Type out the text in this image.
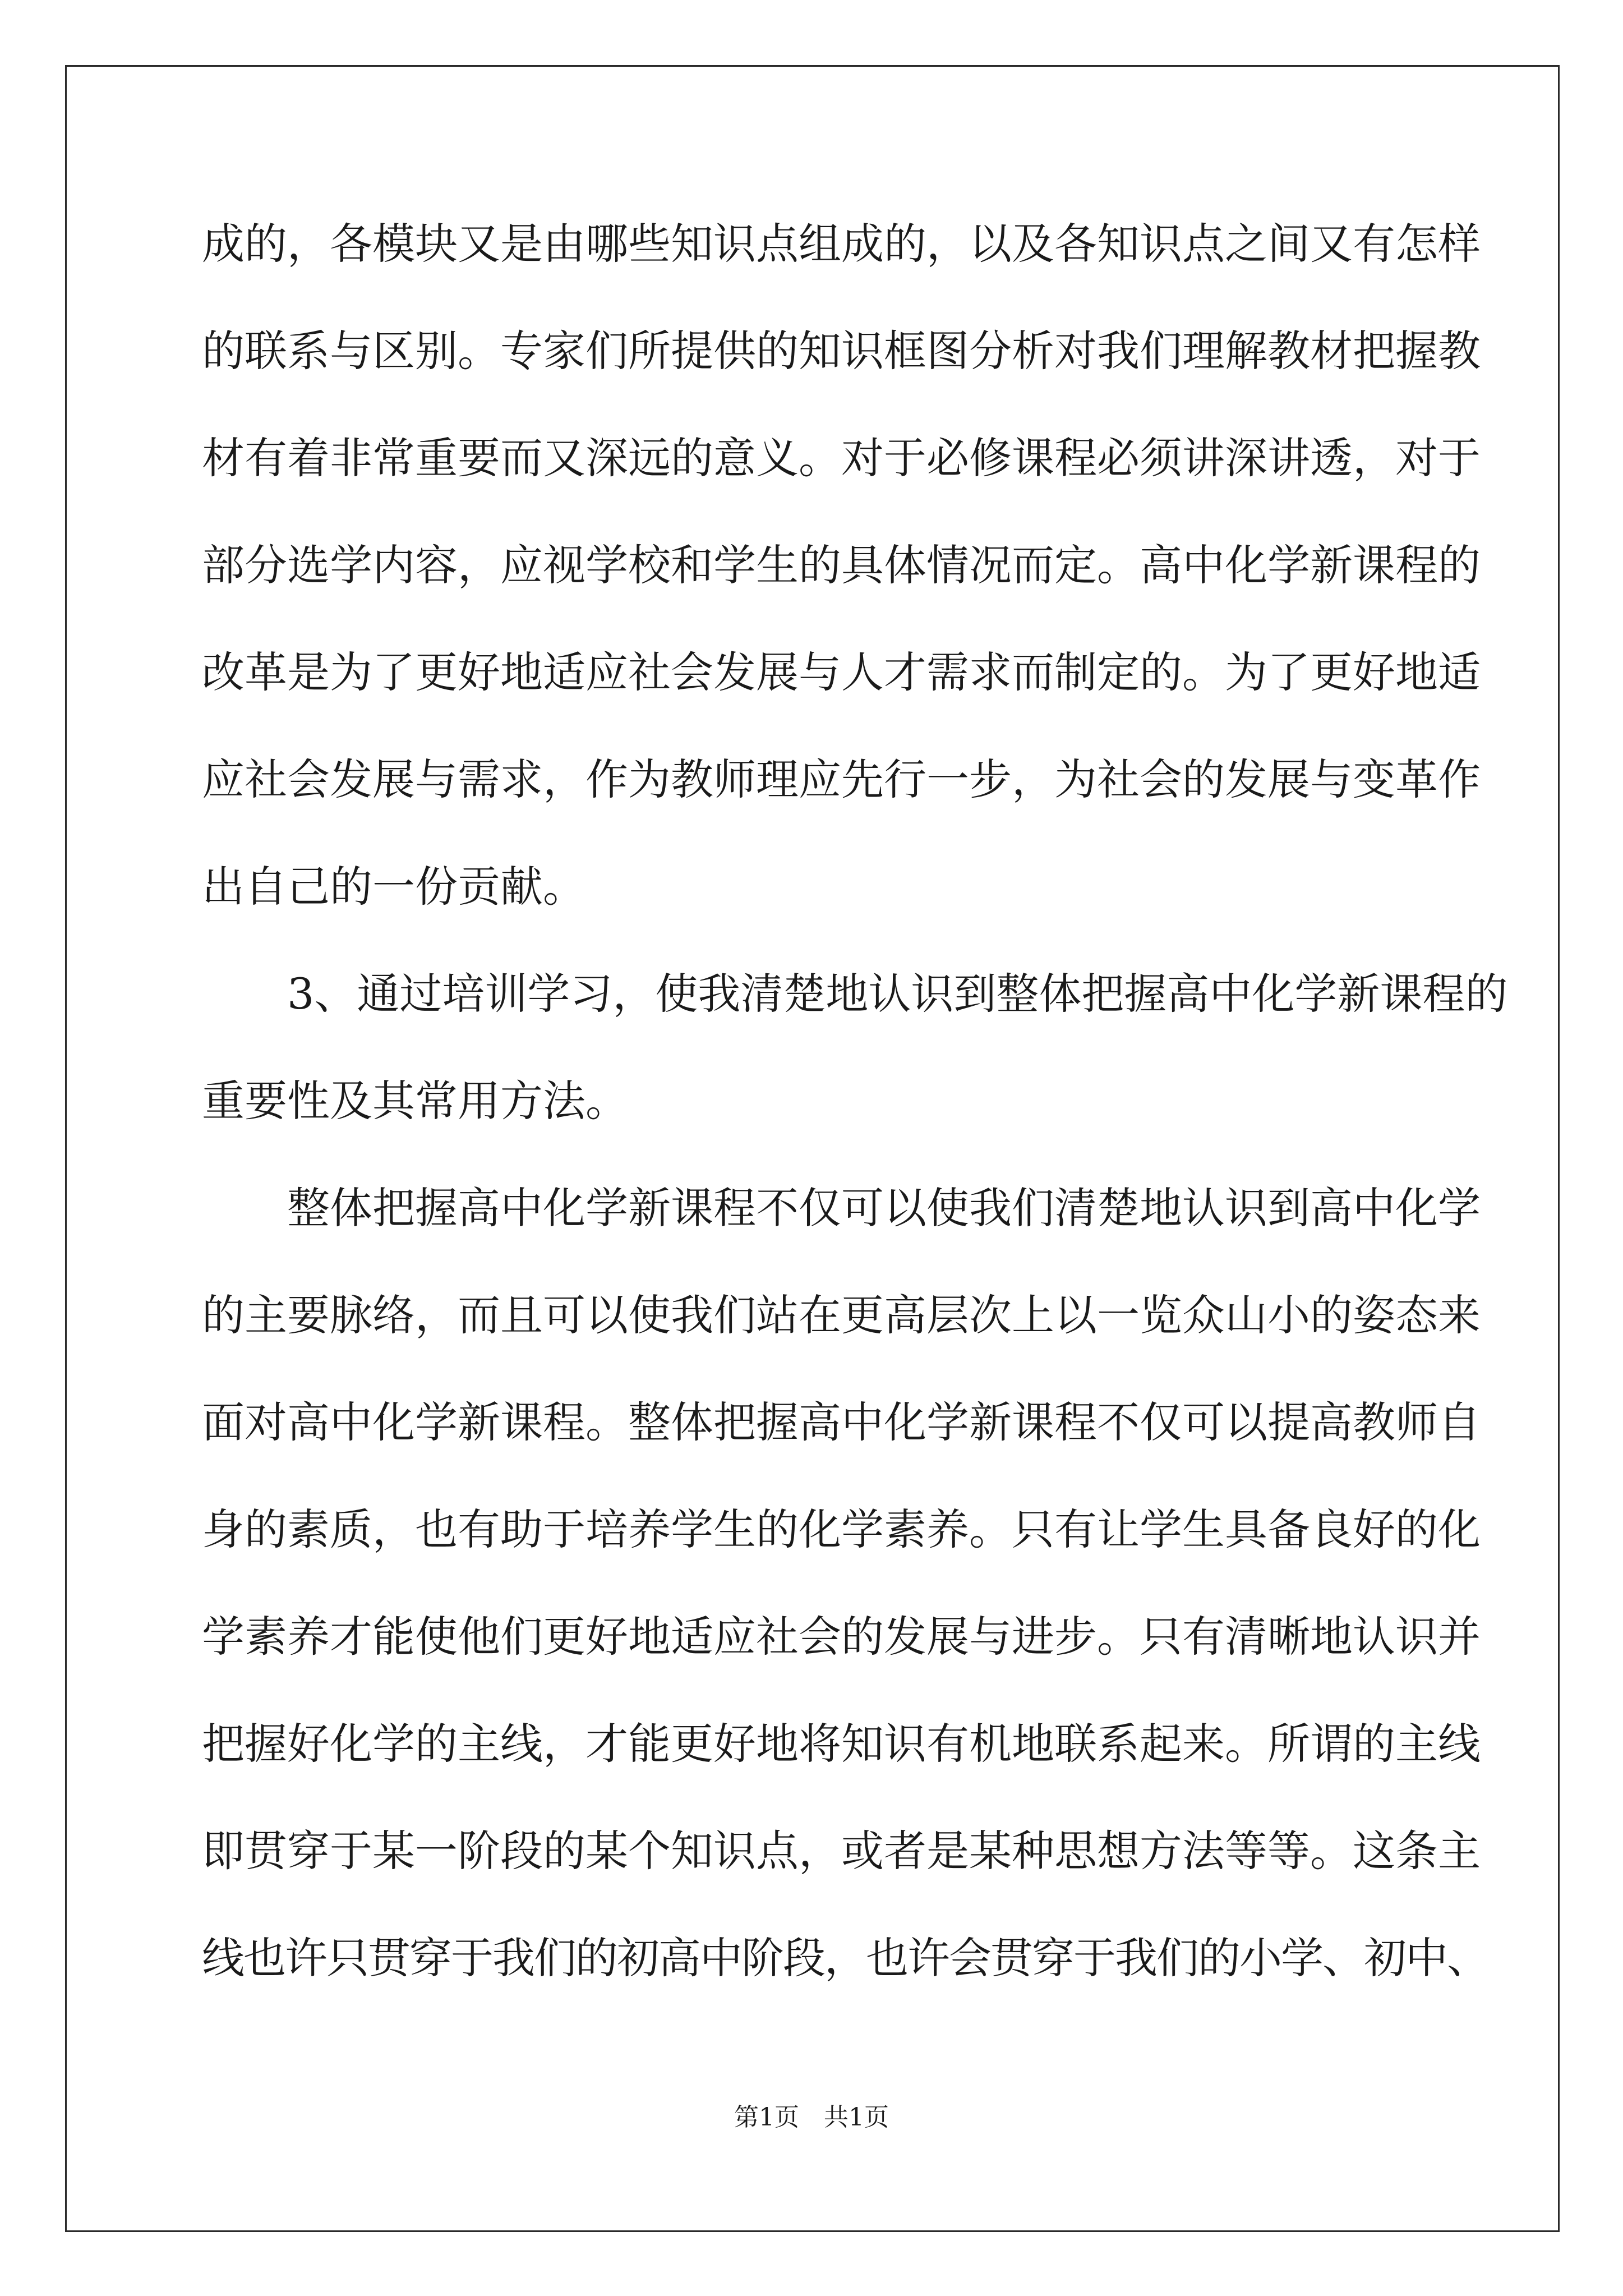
成的，各模块又是由哪些知识点组成的，以及各知识点之间又有怎样
的联系与区别。专家们所提供的知识框图分析对我们理解教材把握教
材有着非常重要而又深远的意义。对于必修课程必须讲深讲透，对于
部分选学内容，应视学校和学生的具体情况而定。高中化学新课程的
改革是为了更好地适应社会发展与人才需求而制定的。为了更好地适
应社会发展与需求，作为教师理应先行一步，为社会的发展与变革作
出自己的一份贡献。
3、通过培训学习，使我清楚地认识到整体把握高中化学新课程的
重要性及其常用方法。
整体把握高中化学新课程不仅可以使我们清楚地认识到高中化学
的主要脉络，而且可以使我们站在更高层次上以一览众山小的姿态来
面对高中化学新课程。整体把握高中化学新课程不仅可以提高教师自
身的素质，也有助于培养学生的化学素养。只有让学生具备良好的化
学素养才能使他们更好地适应社会的发展与进步。只有清晰地认识并
把握好化学的主线，才能更好地将知识有机地联系起来。所谓的主线
即贯穿于某一阶段的某个知识点，或者是某种思想方法等等。这条主
线也许只贯穿于我们的初高中阶段，也许会贯穿于我们的小学、初中、
第1页 共1页
